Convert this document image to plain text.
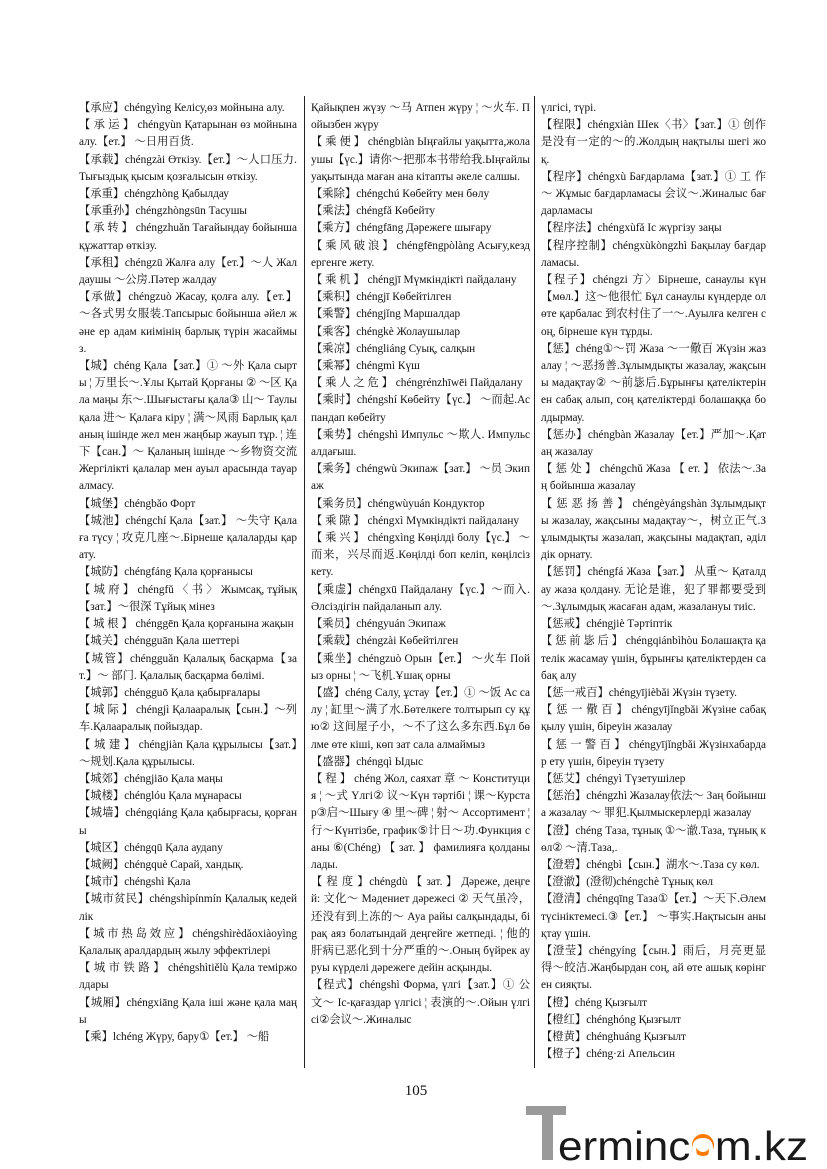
【承应】chéngyìng Келісу,өз мойнына алу.

【 承 运 】 chéngyùn Қатарынан өз мойнына алу.【ет.】 ～日用百货.

【承载】chéngzài Өткізу.【ет.】～人口压力.Тығыздық қысым қозғалысын өткізу.

【承重】chéngzhòng Қабылдау

【承重孙】chéngzhòngsūn Тасушы

【 承 转 】 chéngzhuǎn Тағайындау бойынша құжаттар өткізу.

【承租】chéngzū Жалға алу【ет.】～人 Жалдаушы ～公房.Пәтер жалдау

【承做】chéngzuò Жасау, қолға алу.【ет.】 ～各式男女服装.Тапсырыс бойынша әйел және ер адам киімінің барлық түрін жасаймыз.

【城】chéng Қала【зат.】① ～外 Қала сырты ¦ 万里长～.Ұлы Қытай Қорғаны ② ～区 Қала маңы 东～.Шығыстағы қала③ 山～ Таулы қала 进～ Қалаға кіру ¦ 满～风雨 Барлық қаланың ішінде жел мен жаңбыр жауып тұр. ¦ 连下【сан.】～ Қаланың ішінде ～乡物资交流 Жергілікті қалалар мен ауыл арасында тауар алмасу.

【城堡】chéngbǎo Форт

【城池】chéngchí Қала【зат.】 ～失守 Қалаға түсу ¦ 攻克几座～.Бірнеше қалаларды қарату.

【城防】chéngfáng Қала қорғанысы

【 城 府 】 chéngfǔ 〈 书 〉 Жымсақ, тұйық【зат.】～很深 Тұйық мінез

【 城 根 】 chénggēn Қала қорғанына жақын

【城关】chéngguān Қала шеттері

【城管】chéngguǎn Қалалық басқарма【зат.】～ 部门. Қалалық басқарма бөлімі.

【城郭】chéngguō Қала қабырғалары

【 城 际 】 chéngjì Қалааралық【сын.】～列车.Қалааралық пойыздар.

【 城 建 】 chéngjiàn Қала құрылысы【зат.】～规划.Қала құрылысы.

【城郊】chéngjiāo Қала маңы

【城楼】chénglóu Қала мұнарасы

【城墙】chéngqiáng Қала қабырғасы, қорғаны

【城区】chéngqū Қала аудany

【城阙】chéngquè Сарай, хандық.

【城市】chéngshì Қала

【城市贫民】chéngshìpínmín Қалалық кедейлік

【 城 市 热 岛 效 应 】 chéngshìrèdǎoxiàoyìng Қалалық аралдардың жылу эффектілері

【 城 市 铁 路 】 chéngshìtiělù Қала теміржолдары

【城厢】chéngxiāng Қала ішi және қала маңы

【乘】lchéng Жүру, бару①【ет.】 ～船

Қайықпен жүзу ～马 Атпен жүру ¦ ～火车. Пойызбен жүру

【 乘 便 】 chéngbiàn Ыңғайлы уақытта,жолаушы【үс.】请你～把那本书带给我.Ыңғайлы уақытында маған ана кітапты әкеле салшы.

【乘除】chéngchú Көбейту мен бөлу

【乘法】chéngfǎ Көбейту

【乘方】chéngfāng Дәрежеге шығару

【 乘 风 破 浪 】 chéngfēngpòlàng Асығу,кездергенге жету.

【 乘 机 】 chéngjī Мүмкіндікті пайдалану

【乘积】chéngjī Көбейтілген

【乘警】chéngjǐng Маршалдар

【乘客】chéngkè Жолаушылар

【乘凉】chéngliáng Суық, салқын

【乘幂】chéngmì Күш

【 乘 人 之 危 】 chéngrénzhīwēi Пайдалану

【乘时】chéngshí Көбейту【үс.】 ～而起.Аспандап көбейту

【乘势】chéngshì Импульс ～欺人. Импульс алдағыш.

【乘务】chéngwù Экипаж【зат.】 ～员 Экипаж

【乘务员】chéngwùyuán Кондуктор

【 乘 隙 】 chéngxì Мүмкіндікті пайдалану

【 乘 兴 】 chéngxìng Көңілді болу【үс.】 ～而来，兴尽而返.Көңілді боп келіп, көңілсіз кету.

【乘虚】chéngxū Пайдалану【үс.】～而入.Әлсіздігін пайдаланып алу.

【乘员】chéngyuán Экипаж

【乘载】chéngzài Көбейтілген

【乘坐】chéngzuò Орын【ет.】 ～火车 Пойыз орны ¦ ～飞机.Ұшақ орны

【盛】chéng Салу, ұстау【ет.】① ～饭 Ас салу ¦ 缸里～满了水.Бөтелкеге толтырып су құю② 这间屋子小，～不了这么多东西.Бұл бөлме өте кіші, көп зат сала алмаймыз

【盛器】chéngqì Ыдыс

【 程 】 chéng Жол, саяхат 章 ～ Конституция ¦ ～式 Үлгі② 议～Күн тәртібі ¦ 课～Курстар③启～Шығу ④ 里～碑 ¦ 射～ Ассортимент ¦ 行～Күнтізбе, график⑤计日～功.Функция саны ⑥(Chéng) 【 зат. 】 фамилияға қолданылады.

【 程 度 】chéngdù 【 зат. 】 Дәреже, деңгей: 文化～ Мәдениет дәрежесі ② 天气虽冷，还没有到上冻的～ Ауа райы салқындады, бірақ аяз болатындай деңгейге жетпеді. ¦ 他的肝病已恶化到十分严重的～.Оның бүйрек ауруы күрделі дәрежеге дейін асқынды.

【程式】chéngshì Форма, үлгі【зат.】① 公文～ Іс-қағаздар үлгісі ¦ 表演的～.Ойын үлгісі②会议～.Жиналыс

үлгісі, түрі.

【程限】chéngxiàn Шек〈书〉【зат.】① 创作是没有一定的～的.Жолдың нақтылы шегі жоқ.

【程序】chéngxù Бағдарлама【зат.】① 工 作 ～ Жұмыс бағдарламасы 会议～.Жиналыс бағдарламасы

【程序法】chéngxùfǎ Іс жүргізу заңы

【程序控制】chéngxùkòngzhì Бақылау бағдарламасы.

【程子】chéngzi 方〉Бірнеше, санаулы күн【мөл.】这～他很忙 Бұл санаулы күндерде ол өте қарбалас 到农村住了一～.Ауылға келген соң, бірнеше күн тұрды.

【惩】chéng①～罚 Жаза ～一儆百 Жүзін жазалау ¦ ～恶扬善.Зұлымдықты жазалау, жақсыны мадақтау② ～前毖后.Бұрынғы қателіктерінен сабақ алып, соң қателіктерді болашаққа болдырмау.

【惩办】chéngbàn Жазалау【ет.】严加～.Қатаң жазалау

【 惩 处 】 chéngchǔ Жаза 【 ет. 】 依法～.Заң бойынша жазалау

【 惩 恶 扬 善 】 chéngèyángshàn Зұлымдықты жазалау, жақсыны мадақтау～，树立正气.Зұлымдықты жазалап, жақсыны мадақтап, әділдік орнату.

【惩罚】chéngfá Жаза【зат.】 从重～ Қаталдау жаза қолдану. 无论是谁，犯了罪都要受到～.Зұлымдық жасаған адам, жазалануы тиіс.

【惩戒】chéngjiè Тәртіптік

【 惩 前 毖 后 】 chéngqiánbìhòu Болашақта қателік жасамау үшін, бұрынғы қателіктерден сабақ алу

【惩一戒百】chéngyījièbǎi Жүзін түзету.

【 惩 一 儆 百 】 chéngyījǐngbǎi Жүзіне сабақ қылу үшін, біреуін жазалау

【 惩 一 警 百 】 chéngyījǐngbǎi Жүзінхабардар ету үшін, біреуін түзету

【惩艾】chéngyì Түзетушілер

【惩治】chéngzhì Жазалау依法～ Заң бойынша жазалау ～ 罪犯.Қылмыскерлерді жазалау

【澄】chéng Таза, тұнық ①～澈.Таза, тұнық көл② ～清.Таза,.

【澄碧】chéngbì【сын.】湖水～.Таза су көл.

【澄澈】(澄彻)chéngchè Тұнық көл

【澄清】chéngqīng Таза①【ет.】～天下.Әлем түсініктемесі.③【ет.】 ～事实.Нақтысын анықтау үшін.

【澄莹】chéngyíng【сын.】雨后，月亮更显得～皎洁.Жаңбырдан соң, ай өте ашық көрінген сияқты.

【橙】chéng Қызғылт

【橙红】chénghóng Қызғылт

【橙黄】chénghuáng Қызғылт

【橙子】chéng·zi Апельсин

105
erminc om.kz
